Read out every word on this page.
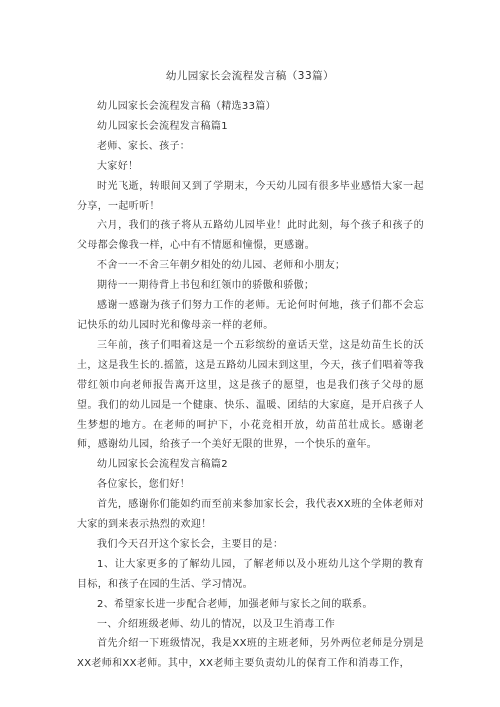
幼儿园家长会流程发言稿（33篇）

幼儿园家长会流程发言稿（精选33篇）

幼儿园家长会流程发言稿篇1

老师、家长、孩子：

大家好！

时光飞逝，转眼间又到了学期末，今天幼儿园有很多毕业感悟大家一起分享，一起听听！

六月，我们的孩子将从五路幼儿园毕业！此时此刻，每个孩子和孩子的父母都会像我一样，心中有不情愿和憧憬，更感谢。

不舍一一不舍三年朝夕相处的幼儿园、老师和小朋友；

期待一一期待背上书包和红领巾的骄傲和骄傲；

感谢一感谢为孩子们努力工作的老师。无论何时何地，孩子们都不会忘记快乐的幼儿园时光和像母亲一样的老师。

三年前，孩子们唱着这是一个五彩缤纷的童话天堂，这是幼苗生长的沃土，这是我生长的.摇篮，这是五路幼儿园末到这里，今天，孩子们唱着等我带红领巾向老师报告离开这里，这是孩子的愿望，也是我们孩子父母的愿望。我们的幼儿园是一个健康、快乐、温暖、团结的大家庭，是开启孩子人生梦想的地方。在老师的呵护下，小花竞相开放，幼苗茁壮成长。感谢老师，感谢幼儿园，给孩子一个美好无限的世界，一个快乐的童年。

幼儿园家长会流程发言稿篇2

各位家长，您们好！

首先，感谢你们能如约而至前来参加家长会，我代表XX班的全体老师对大家的到来表示热烈的欢迎！

我们今天召开这个家长会，主要目的是：

1、让大家更多的了解幼儿园，了解老师以及小班幼儿这个学期的教育目标，和孩子在园的生活、学习情况。

2、希望家长进一步配合老师，加强老师与家长之间的联系。

一、介绍班级老师、幼儿的情况，以及卫生消毒工作

首先介绍一下班级情况，我是XX班的主班老师，另外两位老师是分别是XX老师和XX老师。其中，XX老师主要负责幼儿的保育工作和消毒工作，
